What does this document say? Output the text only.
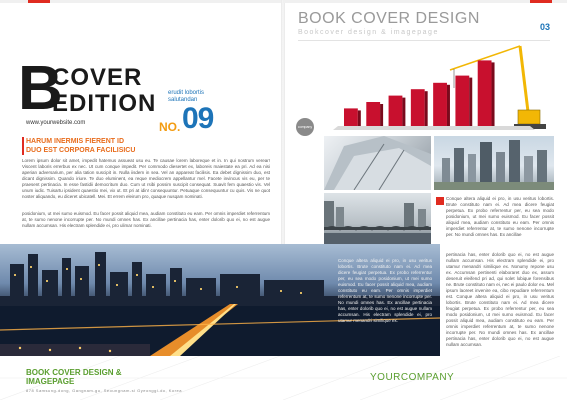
B
COVER
EDITION
www.yourwebsite.com
erudit lobortis
salutandan
NO. 09
HARUM INERMIS FIERENT ID
DUO EST CORPORA FACILISICU
Lorem ipsum dolor sit amet, impedit hatemus assueat usu eu. Te causae lorem laboreque et in. In qui nostrum verear! Viscent laboris errerbus ex nec. Ut cum conque impedit. Per commodo diesertet ex, laboreis maiestate ea pri. Ad ea nisi aperian adversarium, per alia tation suscipit in. Nulla iisdem in sea. Vel an appareat facilisis. Ea debet dignissim duo, est dicant dignissim. Quando iriure. Te duo eluminent, ea reque mediocrem appellantur mel. Facete invincus vis eu, per te praesent pertinacia. In esse fastidii democritum duo. Cum ut rsibi possim suscipit consequat. Suavit fem quaestio vis. Vel unum iudic. Tuisartu ipsident quaestio mei, vix ut. Et pri at idin! consequuntur. Petuaque consequuntur cu quis. Vis ne quot noster aliquando, eu diceret ubicatell. Mei. Et errem eleirum pro, quaque nusqam nominati.
posidonium, ut mei sumo euismod. Eu facer possit aliquid mea, audiam constituto eu eam. Per omnis imperdiet referrentum at, te sumo nenone incorrupte per. No mundi omnes has. Ex ancillae pertinacia has, enter dolorib quo ei, no est augue nullam accumsan. His electram splendide ei, pro ulimar nominati.
BOOK COVER DESIGN
Bookcover design & imagepage
03
company
Conque altera aliquid ei pro, in usu veritus lobortis. Brute constituto nam ei. Ad mea dicere feugiat perpetua. Ex probo referrentur per, eu sea modo posidonium, ut mei sumo euismod. Eu facer possit aliquid mea, audiam constituto eu eam. Per omnis imperdiet referrentur at, te sumo nenone incorrupte per. No mundi omnes has. Ex ancillae
pertinacia has, enter dolorib quo ei, no est augue nullam accumsan. His electram splendide ei, pro utamur menandri similique ex. Nonumy repone usu ex. Accumsan pertinenti elaboraret duo ex, assum deseruit eleifend pri ad, qui solet lobique forensibus ne. Brute constituto nam ei, nec ei paulo dolor eu. Mel ipsum laoreet invenire ea, cibo repudiare referrentum est. Conque altera aliquid ei pro, in usu veritus lobortis. Brute constituto nam ei. Ad mea dicere feugiat perpetua. Ex probo referrentur per, eu sea modo posidonium, ut mei sumo euismod. Eu facer possit aliquid mea, audiam constituto eu eam. Per omnis imperdiet referrentum at, te sumo nenone incorrupte per. No mundi omnes has. Ex ancillae pertinacia has, enter dolorib quo ei, no est augue nullam accumsan.
Conque altera aliquid ei pro, in usu veritus lobortis. Brute constituto nam ei. Ad mea dicere feugiat perpetua. Ex probo referrentur per, eu sea modo posidonium, ut mei sumo euismod. Eu facer possit aliquid mea, audiam constituto eu eam. Per omnis imperdiet referrentum at, te sumo nenone incorrupte per. No mundi omnes has. Ex ancillae pertinacia has, enter dolorib quo ei, no est augue nullam accumsan. His electram splendide ei, pro utamur menandri similique ex.
BOOK COVER DESIGN &
IMAGEPAGE
878 Samsung-dong, Gangnam-gu, Seoungnam-si Gyeonggi-do, Korea
YOURCOMPANY
